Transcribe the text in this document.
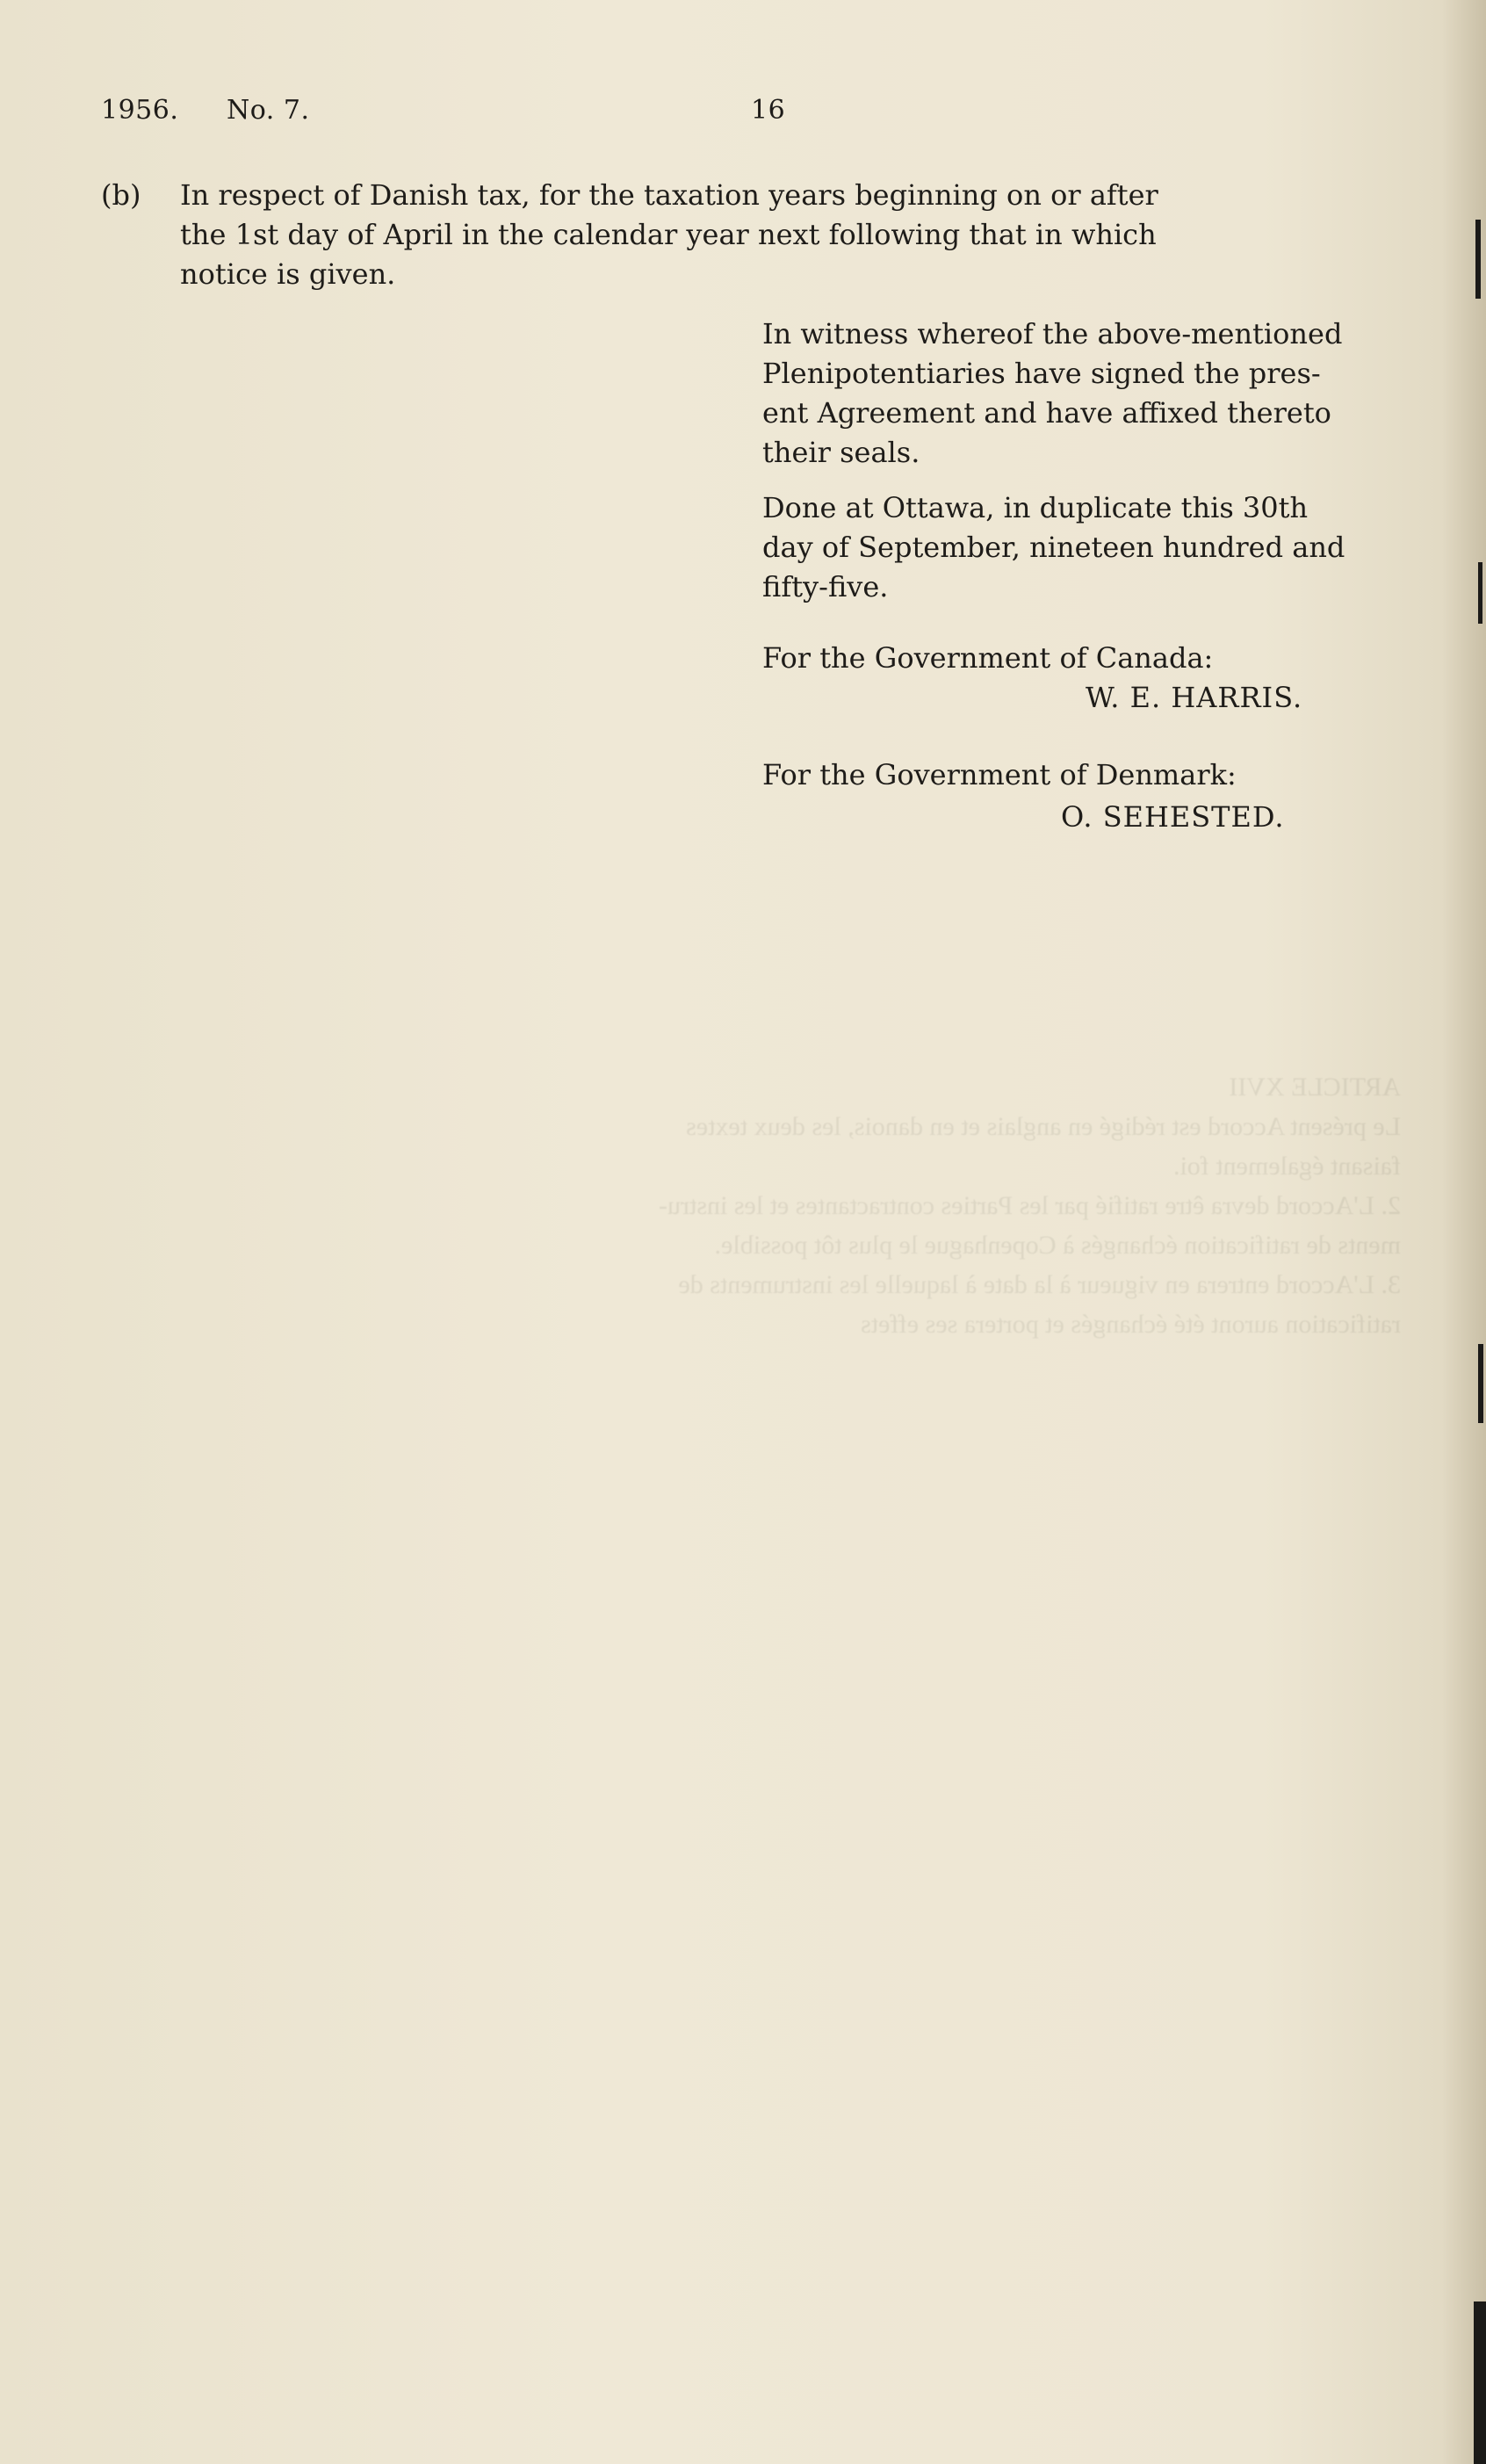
ARTICLE XVII
Le présent Accord est rédigé en anglais et en danois, les deux textes
faisant également foi.
2. L'Accord devra être ratifié par les Parties contractantes et les instru-
ments de ratification échangés à Copenhague le plus tôt possible.
3. L'Accord entrera en vigueur à la date à laquelle les instruments de
ratification auront été échangés et portera ses effets
1956. No. 7.	16
(b) In respect of Danish tax, for the taxation years beginning on or after
the 1st day of April in the calendar year next following that in which
notice is given.
In witness whereof the above-mentioned
Plenipotentiaries have signed the pres-
ent Agreement and have affixed thereto
their seals.
Done at Ottawa, in duplicate this 30th
day of September, nineteen hundred and
fifty-five.
For the Government of Canada:
W. E. HARRIS.
For the Government of Denmark:
O. SEHESTED.
